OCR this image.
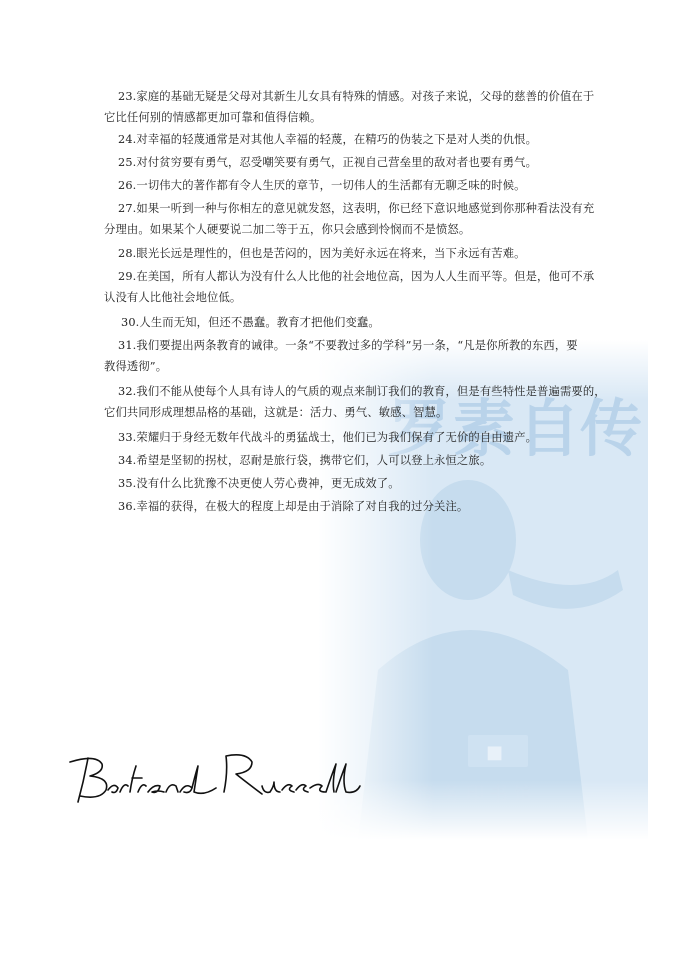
23.家庭的基础无疑是父母对其新生儿女具有特殊的情感。对孩子来说，父母的慈善的价值在于
它比任何别的情感都更加可靠和值得信赖。

24.对幸福的轻蔑通常是对其他人幸福的轻蔑，在精巧的伪装之下是对人类的仇恨。

25.对付贫穷要有勇气，忍受嘲笑要有勇气，正视自己营垒里的敌对者也要有勇气。

26.一切伟大的著作都有令人生厌的章节，一切伟人的生活都有无聊乏味的时候。

27.如果一听到一种与你相左的意见就发怒，这表明，你已经下意识地感觉到你那种看法没有充
分理由。如果某个人硬要说二加二等于五，你只会感到怜悯而不是愤怒。

28.眼光长远是理性的，但也是苦闷的，因为美好永远在将来，当下永远有苦难。

29.在美国，所有人都认为没有什么人比他的社会地位高，因为人人生而平等。但是，他可不承
认没有人比他社会地位低。

30.人生而无知，但还不愚蠢。教育才把他们变蠢。

31.我们要提出两条教育的诫律。一条“不要教过多的学科”另一条，“凡是你所教的东西，要
教得透彻”。

32.我们不能从使每个人具有诗人的气质的观点来制订我们的教育，但是有些特性是普遍需要的，
它们共同形成理想品格的基础，这就是：活力、勇气、敏感、智慧。

33.荣耀归于身经无数年代战斗的勇猛战士，他们已为我们保有了无价的自由遗产。

34.希望是坚韧的拐杖，忍耐是旅行袋，携带它们，人可以登上永恒之旅。

35.没有什么比犹豫不决更使人劳心费神，更无成效了。

36.幸福的获得，在极大的程度上却是由于消除了对自我的过分关注。
